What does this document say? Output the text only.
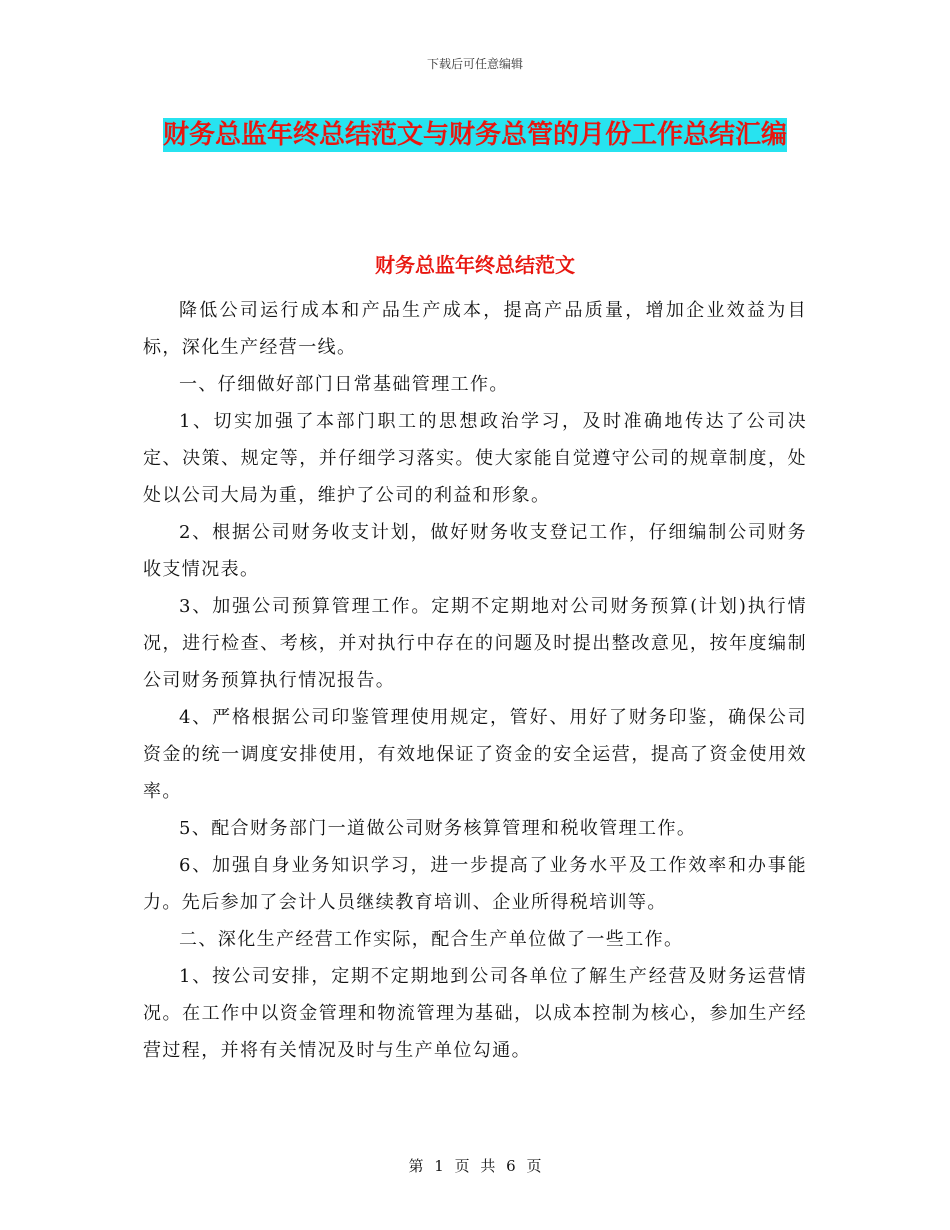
下载后可任意编辑
财务总监年终总结范文与财务总管的月份工作总结汇编
财务总监年终总结范文

降低公司运行成本和产品生产成本，提高产品质量，增加企业效益为目标，深化生产经营一线。

一、仔细做好部门日常基础管理工作。

1、切实加强了本部门职工的思想政治学习，及时准确地传达了公司决定、决策、规定等，并仔细学习落实。使大家能自觉遵守公司的规章制度，处处以公司大局为重，维护了公司的利益和形象。

2、根据公司财务收支计划，做好财务收支登记工作，仔细编制公司财务收支情况表。

3、加强公司预算管理工作。定期不定期地对公司财务预算(计划)执行情况，进行检查、考核，并对执行中存在的问题及时提出整改意见，按年度编制公司财务预算执行情况报告。

4、严格根据公司印鉴管理使用规定，管好、用好了财务印鉴，确保公司资金的统一调度安排使用，有效地保证了资金的安全运营，提高了资金使用效率。

5、配合财务部门一道做公司财务核算管理和税收管理工作。

6、加强自身业务知识学习，进一步提高了业务水平及工作效率和办事能力。先后参加了会计人员继续教育培训、企业所得税培训等。

二、深化生产经营工作实际，配合生产单位做了一些工作。

1、按公司安排，定期不定期地到公司各单位了解生产经营及财务运营情况。在工作中以资金管理和物流管理为基础，以成本控制为核心，参加生产经营过程，并将有关情况及时与生产单位勾通。

第 1 页 共 6 页
